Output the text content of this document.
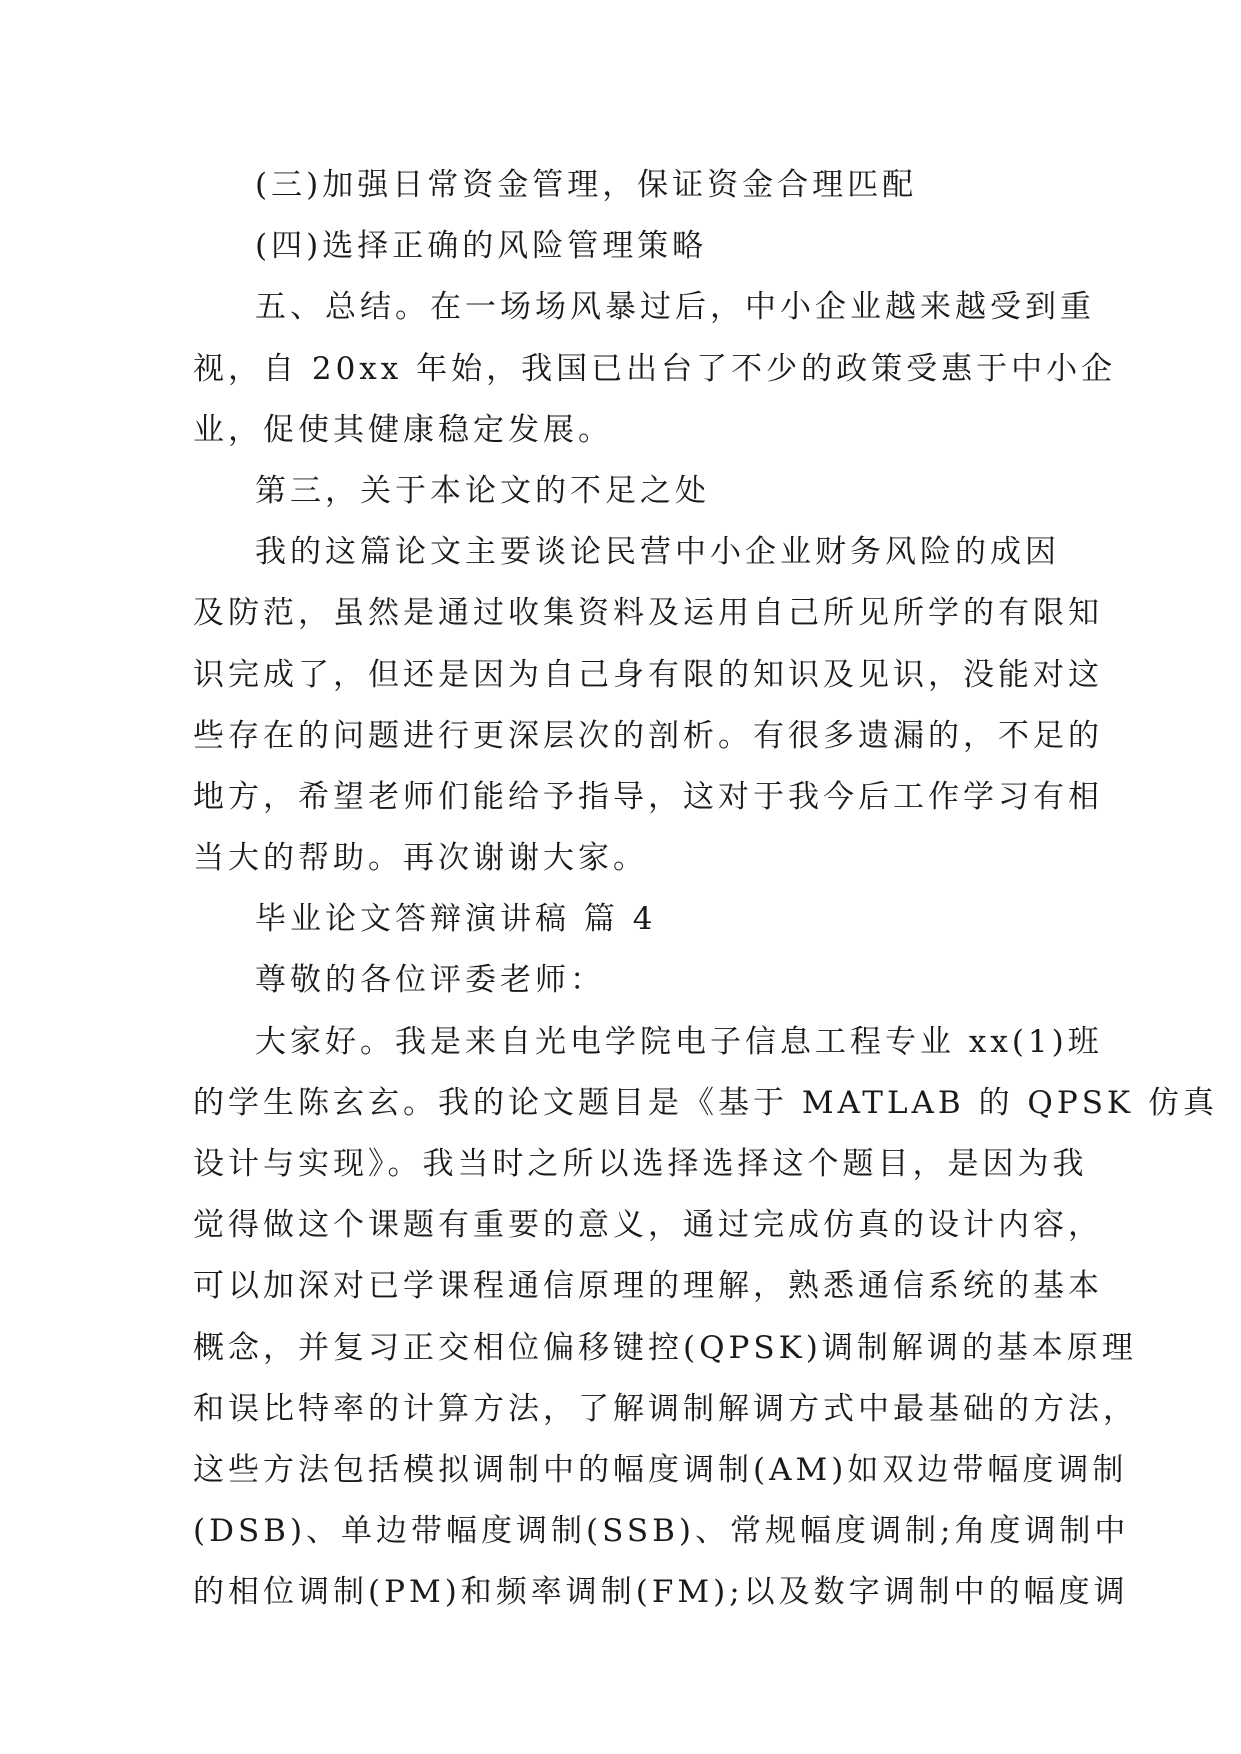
(三)加强日常资金管理，保证资金合理匹配
(四)选择正确的风险管理策略
五、总结。在一场场风暴过后，中小企业越来越受到重
视，自 20xx 年始，我国已出台了不少的政策受惠于中小企
业，促使其健康稳定发展。
第三，关于本论文的不足之处
我的这篇论文主要谈论民营中小企业财务风险的成因
及防范，虽然是通过收集资料及运用自己所见所学的有限知
识完成了，但还是因为自己身有限的知识及见识，没能对这
些存在的问题进行更深层次的剖析。有很多遗漏的，不足的
地方，希望老师们能给予指导，这对于我今后工作学习有相
当大的帮助。再次谢谢大家。
毕业论文答辩演讲稿 篇 4
尊敬的各位评委老师：
大家好。我是来自光电学院电子信息工程专业 xx(1)班
的学生陈玄玄。我的论文题目是《基于 MATLAB 的 QPSK 仿真
设计与实现》。我当时之所以选择选择这个题目，是因为我
觉得做这个课题有重要的意义，通过完成仿真的设计内容，
可以加深对已学课程通信原理的理解，熟悉通信系统的基本
概念，并复习正交相位偏移键控(QPSK)调制解调的基本原理
和误比特率的计算方法，了解调制解调方式中最基础的方法，
这些方法包括模拟调制中的幅度调制(AM)如双边带幅度调制
(DSB)、单边带幅度调制(SSB)、常规幅度调制;角度调制中
的相位调制(PM)和频率调制(FM);以及数字调制中的幅度调
